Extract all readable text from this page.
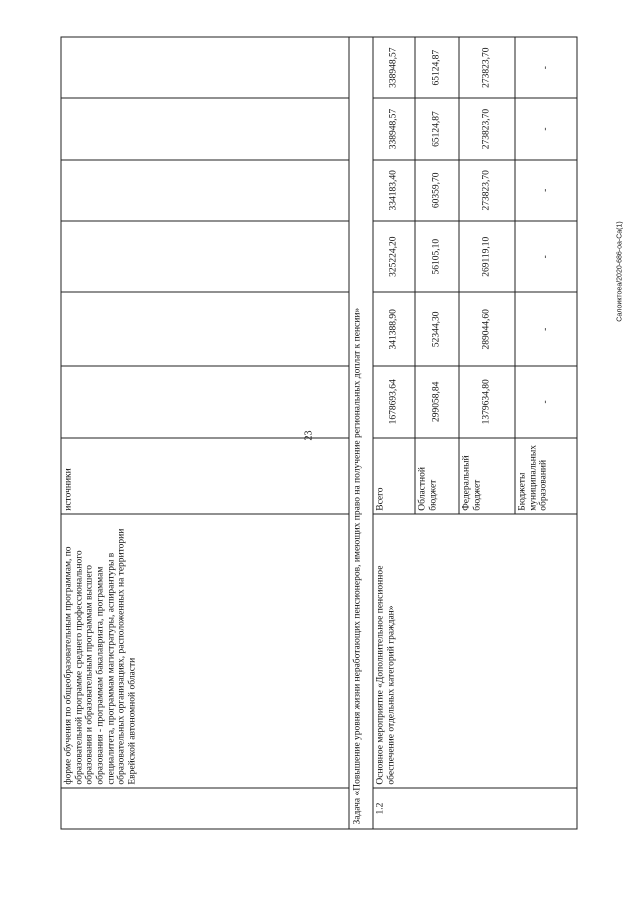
23
Салоиктоеа/2020-686-оа-Ca(1)
	форме обучения по общеобразовательным программам, по образовательной программе среднего профессионального образования и образовательным программам высшего образования - программам бакалавриата, программам специалитета, программам магистратуры, аспирантуры в образовательных организациях, расположенных на территории Еврейской автономной области	источники						
Задача «Повышение уровня жизни неработающих пенсионеров, имеющих право на получение региональных доплат к пенсии»								
1.2	Основное мероприятие «Дополнительное пенсионное обеспечение отдельных категорий граждан»	Всего	1678693,64	341388,90	325224,20	334183,40	338948,57	338948,57
		Областной бюджет	299058,84	52344,30	56105,10	60359,70	65124,87	65124,87
		Федеральный бюджет	1379634,80	289044,60	269119,10	273823,70	273823,70	273823,70
		Бюджеты муниципальных образований	-	-	-	-	-	-
